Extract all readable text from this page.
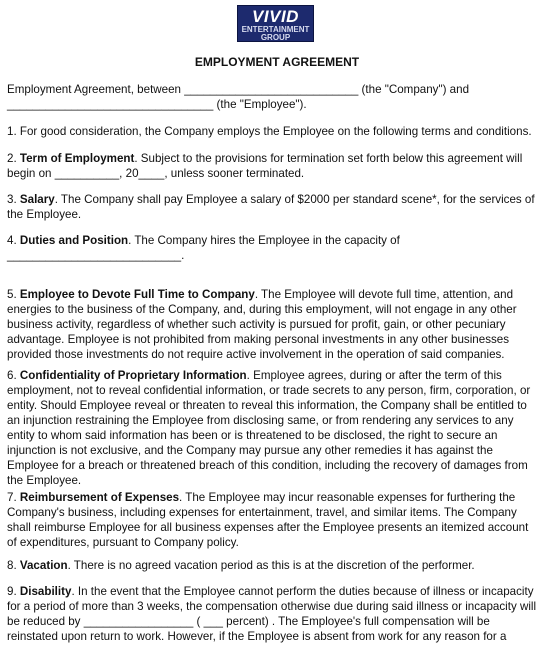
VIVID
ENTERTAINMENT
GROUP
EMPLOYMENT AGREEMENT

Employment Agreement, between ___________________________ (the "Company") and

________________________________ (the "Employee").

1. For good consideration, the Company employs the Employee on the following terms and conditions.

2. Term of Employment. Subject to the provisions for termination set forth below this agreement will

begin on __________, 20____, unless sooner terminated.

3. Salary. The Company shall pay Employee a salary of $2000 per standard scene*, for the services of

the Employee.

4. Duties and Position. The Company hires the Employee in the capacity of

___________________________.

5. Employee to Devote Full Time to Company. The Employee will devote full time, attention, and

energies to the business of the Company, and, during this employment, will not engage in any other

business activity, regardless of whether such activity is pursued for profit, gain, or other pecuniary

advantage. Employee is not prohibited from making personal investments in any other businesses

provided those investments do not require active involvement in the operation of said companies.

6. Confidentiality of Proprietary Information. Employee agrees, during or after the term of this

employment, not to reveal confidential information, or trade secrets to any person, firm, corporation, or

entity. Should Employee reveal or threaten to reveal this information, the Company shall be entitled to

an injunction restraining the Employee from disclosing same, or from rendering any services to any

entity to whom said information has been or is threatened to be disclosed, the right to secure an

injunction is not exclusive, and the Company may pursue any other remedies it has against the

Employee for a breach or threatened breach of this condition, including the recovery of damages from

the Employee.

7. Reimbursement of Expenses. The Employee may incur reasonable expenses for furthering the

Company's business, including expenses for entertainment, travel, and similar items. The Company

shall reimburse Employee for all business expenses after the Employee presents an itemized account

of expenditures, pursuant to Company policy.

8. Vacation. There is no agreed vacation period as this is at the discretion of the performer.

9. Disability. In the event that the Employee cannot perform the duties because of illness or incapacity

for a period of more than 3 weeks, the compensation otherwise due during said illness or incapacity will

be reduced by _________________ ( ___ percent) . The Employee's full compensation will be

reinstated upon return to work. However, if the Employee is absent from work for any reason for a
